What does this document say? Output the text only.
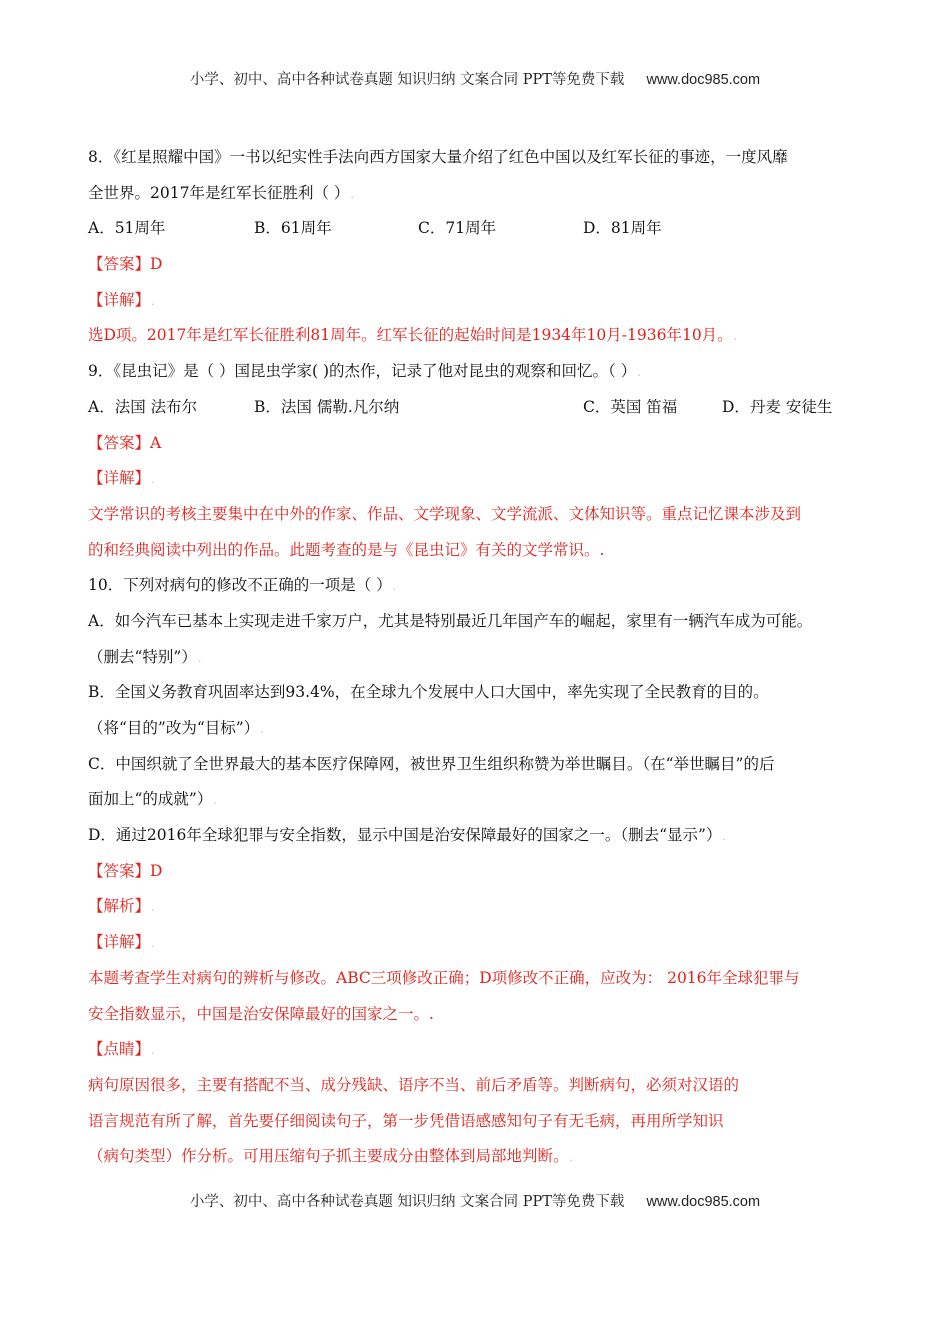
小学、初中、高中各种试卷真题 知识归纳 文案合同 PPT等免费下载 www.doc985.com
8．《红星照耀中国》一书以纪实性手法向西方国家大量介绍了红色中国以及红军长征的事迹，一度风靡
全世界。2017年是红军长征胜利（ ）.
A．51周年	B．61周年	C．71周年	D．81周年
【答案】D
【详解】.
选D项。2017年是红军长征胜利81周年。红军长征的起始时间是1934年10月-1936年10月。.
9．《昆虫记》是（ ）国昆虫学家( )的杰作，记录了他对昆虫的观察和回忆。（ ）.
A．法国 法布尔	B．法国 儒勒.凡尔纳	C．英国 笛福	D．丹麦 安徒生
【答案】A
【详解】.
文学常识的考核主要集中在中外的作家、作品、文学现象、文学流派、文体知识等。重点记忆课本涉及到
的和经典阅读中列出的作品。此题考查的是与《昆虫记》有关的文学常识。.
10．下列对病句的修改不正确的一项是（ ）.
A．如今汽车已基本上实现走进千家万户，尤其是特别最近几年国产车的崛起，家里有一辆汽车成为可能。
（删去“特别”）.
B．全国义务教育巩固率达到93.4%，在全球九个发展中人口大国中，率先实现了全民教育的目的。
（将“目的”改为“目标”）.
C．中国织就了全世界最大的基本医疗保障网，被世界卫生组织称赞为举世瞩目。（在“举世瞩目”的后
面加上“的成就”）.
D．通过2016年全球犯罪与安全指数，显示中国是治安保障最好的国家之一。（删去“显示”）.
【答案】D
【解析】.
【详解】.
本题考查学生对病句的辨析与修改。ABC三项修改正确；D项修改不正确，应改为： 2016年全球犯罪与
安全指数显示，中国是治安保障最好的国家之一。.
【点睛】.
病句原因很多，主要有搭配不当、成分残缺、语序不当、前后矛盾等。判断病句，必须对汉语的
语言规范有所了解，首先要仔细阅读句子，第一步凭借语感感知句子有无毛病，再用所学知识
（病句类型）作分析。可用压缩句子抓主要成分由整体到局部地判断。.
小学、初中、高中各种试卷真题 知识归纳 文案合同 PPT等免费下载 www.doc985.com
